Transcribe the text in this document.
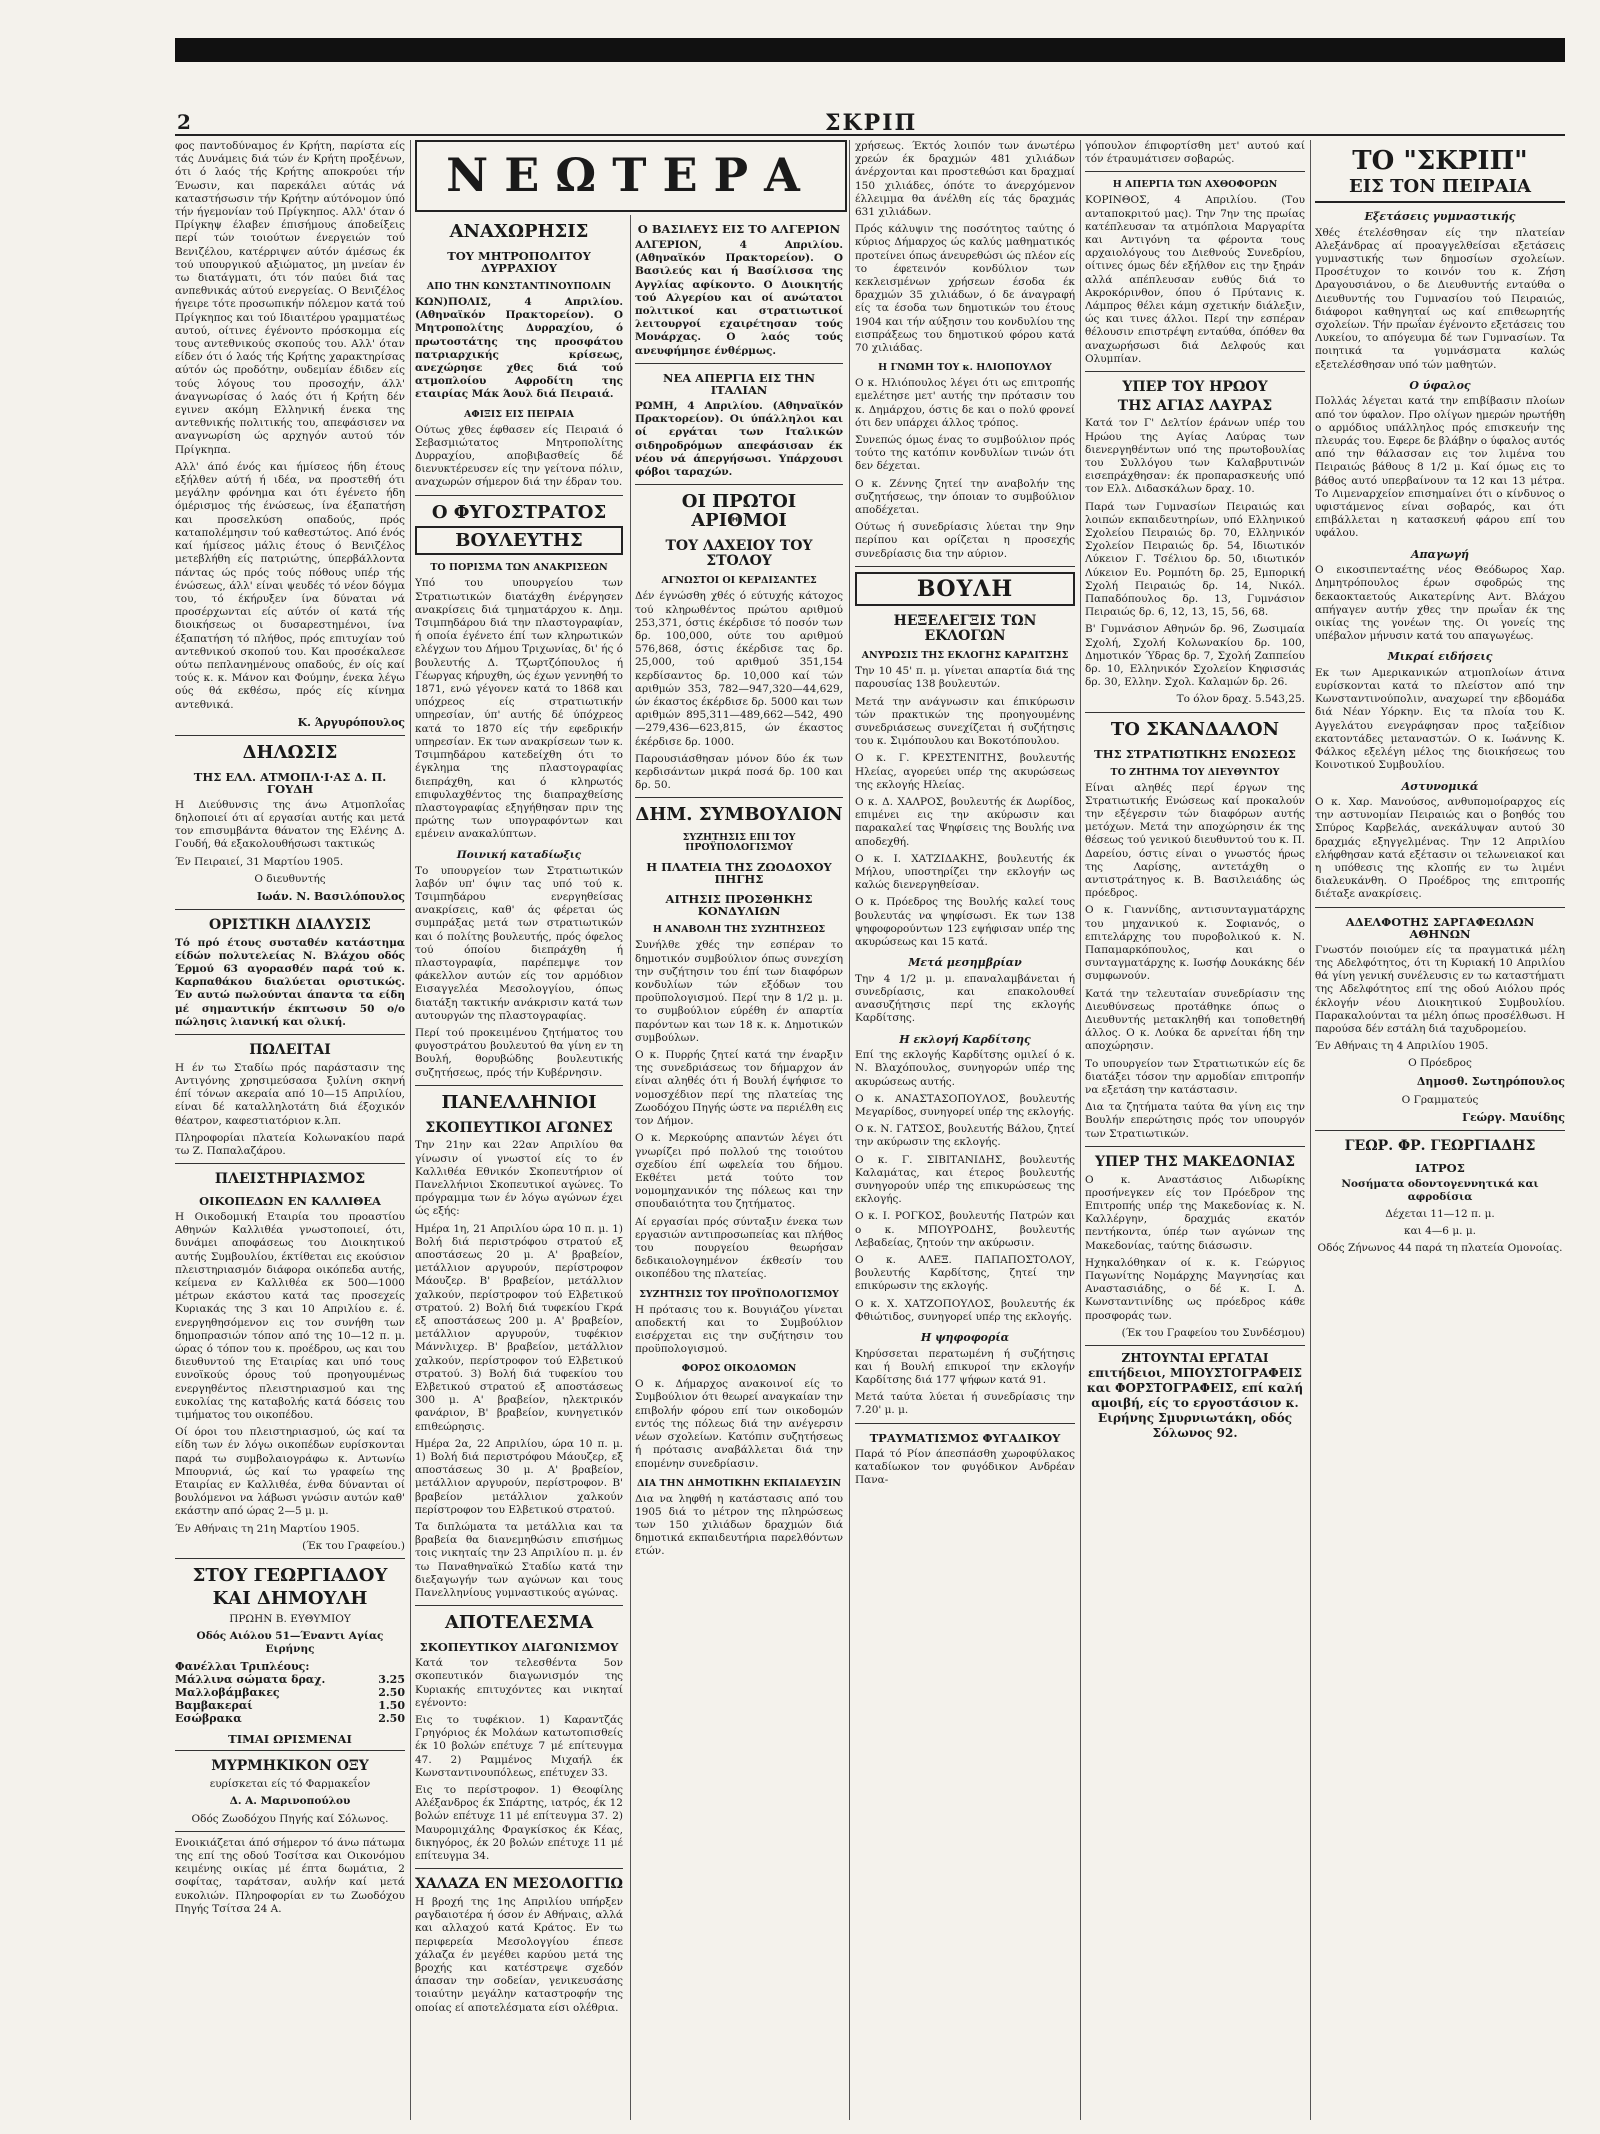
2	ΣΚΡΙΠ

φος παντοδύναμος έν Κρήτη, παρίστα είς τάς Δυνάμεις διά τών έν Κρήτη προξένων, ότι ό λαός τής Κρήτης αποκρούει τήν Ένωσιν, και παρεκάλει αύτάς νά καταστήσωσιν τήν Κρήτην αύτόνομον ύπό τήν ήγεμονίαν τού Πρίγκηπος. Αλλ' όταν ό Πρίγκηψ έλαβεν έπισήμους άποδείξεις περί τών τοιούτων ένεργειών τού Βενιζέλου, κατέρριψεν αύτόν άμέσως έκ τού υπουργικού αξιώματος, μη μνείαν έν τω διατάγματι, ότι τόν παύει διά τας ανπεθνικάς αύτού ενεργείας. Ο Βενιζέλος ήγειρε τότε προσωπικήν πόλεμον κατά τού Πρίγκηπος και τού Ιδιαιτέρου γραμματέως αυτού, οίτινες έγένοντο πρόσκομμα είς τους αντεθνικούς σκοπούς του. Αλλ' όταν είδεν ότι ό λαός τής Κρήτης χαρακτηρίσας αύτόν ώς προδότην, ουδεμίαν έδιδεν είς τούς λόγους του προσοχήν, άλλ' άναγνωρίσας ό λαός ότι ή Κρήτη δέν εγινεν ακόμη Ελληνική ένεκα της αντεθνικής πολιτικής του, απεφάσισεν να αναγνωρίση ώς αρχηγόν αυτού τόν Πρίγκηπα.

Αλλ' άπό ένός και ήμίσεος ήδη έτους εξήλθεν αύτή ή ιδέα, να προστεθή ότι μεγάλην φρόνημα και ότι έγένετο ήδη όμέρισμος τής ένώσεως, ίνα έξαπατήση και προσελκύση οπαδούς, πρός καταπολέμησιν τού καθεστώτος. Από ένός καί ήμίσεος μάλις έτους ό Βενιζέλος μετεβλήθη είς πατριώτης, ύπερβάλλοντα πάντας ώς πρός τούς πόθους υπέρ τής ένώσεως, άλλ' είναι ψευδές τό νέον δόγμα του, τό έκήρυξεν ίνα δύναται νά προσέρχωνται είς αύτόν οί κατά τής διοικήσεως οι δυσαρεστημένοι, ίνα έξαπατήση τό πλήθος, πρός επιτυχίαν τού αντεθνικού σκοπού του. Και προσέκαλεσε ούτω πεπλανημένους οπαδούς, έν οίς καί τούς κ. κ. Μάνον και Φούμην, ένεκα λέγω ούς θά εκθέσω, πρός είς κίνημα αντεθνικά.

Κ. Άργυρόπουλος
ΔΗΛΩΣΙΣ
ΤΗΣ ΕΛΛ. ΑΤΜΟΠΛ·Ι·ΑΣ Δ. Π. ΓΟΥΔΗ

Η Διεύθυνσις της άνω Ατμοπλοΐας δηλοποιεί ότι αί εργασίαι αυτής και μετά τον επισυμβάντα θάνατον της Ελένης Δ. Γουδή, θά εξακολουθήσωσι τακτικώς

Έν Πειραιεί, 31 Μαρτίου 1905.

Ο διευθυντής

Ιωάν. Ν. Βασιλόπουλος
ΟΡΙΣΤΙΚΗ ΔΙΑΛΥΣΙΣ

Τό πρό έτους συσταθέν κατάστημα είδών πολυτελείας Ν. Βλάχου οδός Έρμού 63 αγορασθέν παρά τού κ. Καρπαθάκου διαλύεται οριστικώς. Έν αυτώ πωλούνται άπαντα τα είδη μέ σημαντικήν έκπτωσιν 50 ο/ο πώλησις λιανική και ολική.

ΠΩΛΕΙΤΑΙ

Η έν τω Σταδίω πρός παράστασιν της Αντιγόνης χρησιμεύσασα ξυλίνη σκηνή έπί τόνων ακεραία από 10—15 Απριλίου, είναι δέ καταλληλοτάτη διά έξοχικόν θέατρον, καφεστιατόριον κ.λπ.

Πληροφορίαι πλατεία Κολωνακίου παρά τω Ζ. Παπαλαζάρου.

ΠΛΕΙΣΤΗΡΙΑΣΜΟΣ
ΟΙΚΟΠΕΔΩΝ ΕΝ ΚΑΛΛΙΘΕΑ

Η Οικοδομική Εταιρία του προαστίου Αθηνών Καλλιθέα γνωστοποιεί, ότι, δυνάμει αποφάσεως του Διοικητικού αυτής Συμβουλίου, έκτίθεται εις εκούσιον πλειστηριασμόν διάφορα οικόπεδα αυτής, κείμενα εν Καλλιθέα εκ 500—1000 μέτρων εκάστου κατά τας προσεχείς Κυριακάς της 3 και 10 Απριλίου ε. έ. ενεργηθησόμενον εις τον συνήθη των δημοπρασιών τόπον από της 10—12 π. μ. ώρας ό τόπον του κ. προέδρου, ως και του διευθυντού της Εταιρίας και υπό τους ευνοϊκούς όρους τού προηγουμένως ενεργηθέντος πλειστηριασμού και της ευκολίας της καταβολής κατά δόσεις του τιμήματος του οικοπέδου.

Οί όροι του πλειστηριασμού, ώς καί τα είδη των έν λόγω οικοπέδων ευρίσκονται παρά τω συμβολαιογράφω κ. Αντωνίω Μπουρνιά, ώς καί τω γραφείω της Εταιρίας εν Καλλιθέα, ένθα δύνανται οί βουλόμενοι να λάβωσι γνώσιν αυτών καθ' εκάστην από ώρας 2—5 μ. μ.

Έν Αθήναις τη 21η Μαρτίου 1905.

(Έκ του Γραφείου.)

ΣΤΟΥ ΓΕΩΡΓΙΑΔΟΥ
ΚΑΙ ΔΗΜΟΥΛΗ

ΠΡΩΗΝ Β. ΕΥΘΥΜΙΟΥ

Οδός Αιόλου 51—Έναντι Αγίας Ειρήνης

Φανέλλαι Τριπλέους:
Μάλλινα σώματα δραχ.	3.25
Μαλλοβάμβακες	2.50
Βαμβακεραί	1.50
Εσώβρακα	2.50
ΤΙΜΑΙ ΩΡΙΣΜΕΝΑΙ
ΜΥΡΜΗΚΙΚΟΝ ΟΞΥ

ευρίσκεται είς τό Φαρμακεΐον

Δ. Α. Μαρινοπούλου

Οδός Ζωοδόχου Πηγής καί Σόλωνος.

Ενοικιάζεται άπό σήμερον τό άνω πάτωμα της επί της οδού Τοσίτσα και Οικονόμου κειμένης οικίας μέ έπτα δωμάτια, 2 σοφίτας, ταράτσαν, αυλήν καί μετά ευκολιών. Πληροφορίαι εν τω Ζωοδόχου Πηγής Τσίτσα 24 Α.

ΝΕΩΤΕΡΑ
ΑΝΑΧΩΡΗΣΙΣ
ΤΟΥ ΜΗΤΡΟΠΟΛΙΤΟΥ ΔΥΡΡΑΧΙΟΥ
ΑΠΟ ΤΗΝ ΚΩΝΣΤΑΝΤΙΝΟΥΠΟΛΙΝ

ΚΩΝ)ΠΟΛΙΣ, 4 Απριλίου. (Αθηναϊκόν Πρακτορείον). Ο Μητροπολίτης Δυρραχίου, ό πρωτοστάτης της προσφάτου πατριαρχικής κρίσεως, ανεχώρησε χθες διά τού ατμοπλοίου Αφροδίτη της εταιρίας Μάκ Άουλ διά Πειραιά.

ΑΦΙΞΙΣ ΕΙΣ ΠΕΙΡΑΙΑ

Ούτως χθες έφθασεν είς Πειραιά ό Σεβασμιώτατος Μητροπολίτης Δυρραχίου, αποβιβασθείς δέ διενυκτέρευσεν είς την γείτονα πόλιν, αναχωρών σήμερον διά την έδραν του.

Ο ΦΥΓΟΣΤΡΑΤΟΣ
ΒΟΥΛΕΥΤΗΣ
ΤΟ ΠΟΡΙΣΜΑ ΤΩΝ ΑΝΑΚΡΙΣΕΩΝ

Υπό του υπουργείου των Στρατιωτικών διατάχθη ένέργησεν ανακρίσεις διά τμηματάρχου κ. Δημ. Τσιμπηδάρου διά την πλαστογραφίαν, ή οποία έγένετο έπί των κληρωτικών ελέγχων του Δήμου Τριχωνίας, δι' ής ό βουλευτής Δ. Τζωρτζόπουλος ή Γέωργας κήρυχθη, ώς έχων γεννηθή το 1871, ενώ γέγονεν κατά το 1868 και υπόχρεος είς στρατιωτικήν υπηρεσίαν, ύπ' αυτής δέ ύπόχρεος κατά το 1870 είς τήν εφεδρικήν υπηρεσίαν. Εκ των ανακρίσεων των κ. Τσιμπηδάρου κατεδείχθη ότι το έγκλημα της πλαστογραφίας διεπράχθη, και ό κληρωτός επιφυλαχθέντος της διαπραχθείσης πλαστογραφίας εξηγήθησαν πριν της πρώτης των υπογραφόντων και εμένειν ανακαλύπτων.

Ποινική καταδίωξις

Το υπουργείον των Στρατιωτικών λαβόν υπ' όψιν τας υπό τού κ. Τσιμπηδάρου ενεργηθείσας ανακρίσεις, καθ' άς φέρεται ώς συμπράξας μετά των στρατιωτικών και ό πολίτης βουλευτής, πρός όφελος τού όποίου διεπράχθη ή πλαστογραφία, παρέπεμψε τον φάκελλον αυτών είς τον αρμόδιον Εισαγγελέα Μεσολογγίου, όπως διατάξη τακτικήν ανάκρισιν κατά των αυτουργών της πλαστογραφίας.

Περί τού προκειμένου ζητήματος του φυγοστράτου βουλευτού θα γίνη εν τη Βουλή, θορυβώδης βουλευτικής συζητήσεως, πρός τήν Κυβέρνησιν.

ΠΑΝΕΛΛΗΝΙΟΙ
ΣΚΟΠΕΥΤΙΚΟΙ ΑΓΩΝΕΣ

Την 21ην και 22αν Απριλίου θα γίνωσιν οί γνωστοί είς το έν Καλλιθέα Εθνικόν Σκοπευτήριον οί Πανελλήνιοι Σκοπευτικοί αγώνες. Το πρόγραμμα των έν λόγω αγώνων έχει ώς εξής:

Ημέρα 1η, 21 Απριλίου ώρα 10 π. μ. 1) Βολή διά περιστρόφου στρατού εξ αποστάσεως 20 μ. Α' βραβείον, μετάλλιον αργυρούν, περίστροφον Μάουζερ. Β' βραβείον, μετάλλιον χαλκούν, περίστροφον τού Ελβετικού στρατού. 2) Βολή διά τυφεκίου Γκρά εξ αποστάσεως 200 μ. Α' βραβείον, μετάλλιον αργυρούν, τυφέκιον Μάννλιχερ. Β' βραβείον, μετάλλιον χαλκούν, περίστροφον τού Ελβετικού στρατού. 3) Βολή διά τυφεκίου του Ελβετικού στρατού εξ αποστάσεως 300 μ. Α' βραβείον, ηλεκτρικόν φανάριον, Β' βραβείον, κυνηγετικόν επιθεώρησις.

Ημέρα 2α, 22 Απριλίου, ώρα 10 π. μ. 1) Βολή διά περιστρόφου Μάουζερ, εξ αποστάσεως 30 μ. Α' βραβείον, μετάλλιον αργυρούν, περίστροφον. Β' βραβείον μετάλλιον χαλκούν περίστροφον του Ελβετικού στρατού.

Τα διπλώματα τα μετάλλια και τα βραβεία θα διανεμηθώσιν επισήμως τοις νικηταίς την 23 Απριλίου π. μ. έν τω Παναθηναϊκώ Σταδίω κατά την διεξαγωγήν των αγώνων και τους Πανελληνίους γυμναστικούς αγώνας.

ΑΠΟΤΕΛΕΣΜΑ
ΣΚΟΠΕΥΤΙΚΟΥ ΔΙΑΓΩΝΙΣΜΟΥ

Κατά τον τελεσθέντα 5ον σκοπευτικόν διαγωνισμόν της Κυριακής επιτυχόντες και νικηταί εγένοντο:

Εις το τυφέκιον. 1) Καραντζάς Γρηγόριος έκ Μολάων κατωτοπισθείς έκ 10 βολών επέτυχε 7 μέ επίτευγμα 47. 2) Ραμμένος Μιχαήλ έκ Κωνσταντινουπόλεως, επέτυχεν 33.

Εις το περίστροφον. 1) Θεοφίλης Αλέξανδρος έκ Σπάρτης, ιατρός, έκ 12 βολών επέτυχε 11 μέ επίτευγμα 37. 2) Μαυρομιχάλης Φραγκίσκος έκ Κέας, δικηγόρος, έκ 20 βολών επέτυχε 11 μέ επίτευγμα 34.

ΧΑΛΑΖΑ ΕΝ ΜΕΣΟΛΟΓΓΙΩ

Η βροχή της 1ης Απριλίου υπήρξεν ραγδαιοτέρα ή όσον έν Αθήναις, αλλά και αλλαχού κατά Κράτος. Εν τω περιφερεία Μεσολογγίου έπεσε χάλαζα έν μεγέθει καρύου μετά της βροχής και κατέστρεψε σχεδόν άπασαν την σοδείαν, γενικευσάσης τοιαύτην μεγάλην καταστροφήν της οποίας εί αποτελέσματα είσι ολέθρια.

Ο ΒΑΣΙΛΕΥΣ ΕΙΣ ΤΟ ΑΛΓΕΡΙΟΝ

ΑΛΓΕΡΙΟΝ, 4 Απριλίου. (Αθηναϊκόν Πρακτορείον). Ο Βασιλεύς και ή Βασίλισσα της Αγγλίας αφίκοντο. Ο Διοικητής τού Αλγερίου και οί ανώτατοι πολιτικοί και στρατιωτικοί λειτουργοί εχαιρέτησαν τούς Μονάρχας. Ο λαός τούς ανευφήμησε ένθέρμως.

ΝΕΑ ΑΠΕΡΓΙΑ ΕΙΣ ΤΗΝ ΙΤΑΛΙΑΝ

ΡΩΜΗ, 4 Απριλίου. (Αθηναϊκόν Πρακτορείον). Οι ύπάλληλοι και οί εργάται των Ιταλικών σιδηροδρόμων απεφάσισαν έκ νέου νά άπεργήσωσι. Υπάρχουσι φόβοι ταραχών.

ΟΙ ΠΡΩΤΟΙ ΑΡΙΘΜΟΙ
ΤΟΥ ΛΑΧΕΙΟΥ ΤΟΥ ΣΤΟΛΟΥ
ΑΓΝΩΣΤΟΙ ΟΙ ΚΕΡΔΙΣΑΝΤΕΣ

Δέν έγνώσθη χθές ό εύτυχής κάτοχος τού κληρωθέντος πρώτου αριθμού 253,371, όστις έκέρδισε τό ποσόν των δρ. 100,000, ούτε του αριθμού 576,868, όστις έκέρδισε τας δρ. 25,000, τού αριθμού 351,154 κερδίσαντος δρ. 10,000 καί τών αριθμών 353, 782—947,320—44,629, ών έκαστος έκέρδισε δρ. 5000 και των αριθμών 895,311—489,662—542, 490—279,436—623,815, ών έκαστος έκέρδισε δρ. 1000.

Παρουσιάσθησαν μόνον δύο έκ των κερδισάντων μικρά ποσά δρ. 100 και δρ. 50.

ΔΗΜ. ΣΥΜΒΟΥΛΙΟΝ
ΣΥΖΗΤΗΣΙΣ ΕΠΙ ΤΟΥ ΠΡΟΫΠΟΛΟΓΙΣΜΟΥ
Η ΠΛΑΤΕΙΑ ΤΗΣ ΖΩΟΔΟΧΟΥ ΠΗΓΗΣ
ΑΙΤΗΣΙΣ ΠΡΟΣΘΗΚΗΣ ΚΟΝΔΥΛΙΩΝ
Η ΑΝΑΒΟΛΗ ΤΗΣ ΣΥΖΗΤΗΣΕΩΣ

Συνήλθε χθές την εσπέραν το δημοτικόν συμβούλιον όπως συνεχίση την συζήτησιν του έπί των διαφόρων κονδυλίων τών εξόδων του προϋπολογισμού. Περί την 8 1/2 μ. μ. το συμβούλιον εύρέθη έν απαρτία παρόντων και των 18 κ. κ. Δημοτικών συμβούλων.

Ο κ. Πυρρής ζητεί κατά την έναρξιν της συνεδριάσεως τον δήμαρχον άν είναι αληθές ότι ή Βουλή έψήφισε το νομοσχέδιον περί της πλατείας της Ζωοδόχου Πηγής ώστε να περιέλθη εις τον Δήμον.

Ο κ. Μερκούρης απαντών λέγει ότι γνωρίζει πρό πολλού της τοιούτου σχεδίου έπί ωφελεία του δήμου. Εκθέτει μετά τούτο τον νομομηχανικόν της πόλεως και την σπουδαιότητα του ζητήματος.

Αί εργασίαι πρός σύνταξιν ένεκα των εργασιών αντιπροσωπείας και πλήθος του πουργείου θεωρήσαν δεδικαιολογημένον έκθεσίν του οικοπέδου της πλατείας.

ΣΥΖΗΤΗΣΙΣ ΤΟΥ ΠΡΟΫΠΟΛΟΓΙΣΜΟΥ

Η πρότασις του κ. Βουγιάζου γίνεται αποδεκτή και το Συμβούλιον εισέρχεται εις την συζήτησιν του προϋπολογισμού.

ΦΟΡΟΣ ΟΙΚΟΔΟΜΩΝ

Ο κ. Δήμαρχος ανακοινοί είς το Συμβούλιον ότι θεωρεί αναγκαίαν την επιβολήν φόρου επί των οικοδομών εντός της πόλεως διά την ανέγερσιν νέων σχολείων. Κατόπιν συζητήσεως ή πρότασις αναβάλλεται διά την επομένην συνεδρίασιν.

ΔΙΑ ΤΗΝ ΔΗΜΟΤΙΚΗΝ ΕΚΠΑΙΔΕΥΣΙΝ

Δια να ληφθή η κατάστασις από του 1905 διά το μέτρον της πληρώσεως των 150 χιλιάδων δραχμών διά δημοτικά εκπαιδευτήρια παρελθόντων ετών.

χρήσεως. Έκτός λοιπόν των άνωτέρω χρεών έκ δραχμών 481 χιλιάδων άνέρχονται και προστεθώσι και δραχμαί 150 χιλιάδες, όπότε το άνερχόμενον έλλειμμα θα άνέλθη είς τάς δραχμάς 631 χιλιάδων.

Πρός κάλυψιν της ποσότητος ταύτης ό κύριος Δήμαρχος ώς καλύς μαθηματικός προτείνει όπως άνευρεθώσι ώς πλέον είς το έφετεινόν κονδύλιον των κεκλεισμένων χρήσεων έσοδα έκ δραχμών 35 χιλιάδων, ό δε άναγραφή είς τα έσοδα των δημοτικών του έτους 1904 και τήν αύξησιν του κονδυλίου της εισπράξεως του δημοτικού φόρου κατά 70 χιλιάδας.

Η ΓΝΩΜΗ ΤΟΥ κ. ΗΛΙΟΠΟΥΛΟΥ

Ο κ. Ηλιόπουλος λέγει ότι ως επιτροπής εμελέτησε μετ' αυτής την πρότασιν του κ. Δημάρχου, όστις δε και ο πολύ φρονεί ότι δεν υπάρχει άλλος τρόπος.

Συνεπώς όμως ένας το συμβούλιον πρός τούτο της κατόπιν κονδυλίων τινών ότι δεν δέχεται.

Ο κ. Ζέννης ζητεί την αναβολήν της συζητήσεως, την όποιαν το συμβούλιον αποδέχεται.

Ούτως ή συνεδρίασις λύεται την 9ην περίπου και ορίζεται η προσεχής συνεδρίασις δια την αύριον.

ΒΟΥΛΗ
ΗΕΞΕΛΕΓΞΙΣ ΤΩΝ ΕΚΛΟΓΩΝ
ΑΝΥΡΩΣΙΣ ΤΗΣ ΕΚΛΟΓΗΣ ΚΑΡΔΙΤΣΗΣ

Την 10 45' π. μ. γίνεται απαρτία διά της παρουσίας 138 βουλευτών.

Μετά την ανάγνωσιν και έπικύρωσιν τών πρακτικών της προηγουμένης συνεδριάσεως συνεχίζεται ή συζήτησις του κ. Σιμόπουλου και Βοκοτόπουλου.

Ο κ. Γ. ΚΡΕΣΤΕΝΙΤΗΣ, βουλευτής Ηλείας, αγορεύει υπέρ της ακυρώσεως της εκλογής Ηλείας.

Ο κ. Δ. ΧΑΛΡΟΣ, βουλευτής έκ Δωρίδος, επιμένει εις την ακύρωσιν και παρακαλεί τας Ψηφίσεις της Βουλής ινα αποδεχθή.

Ο κ. Ι. ΧΑΤΖΙΔΑΚΗΣ, βουλευτής έκ Μήλου, υποστηρίζει την εκλογήν ως καλώς διενεργηθείσαν.

Ο κ. Πρόεδρος της Βουλής καλεί τους βουλευτάς να ψηφίσωσι. Εκ των 138 ψηφοφορούντων 123 εψήφισαν υπέρ της ακυρώσεως και 15 κατά.

Μετά μεσημβρίαν

Την 4 1/2 μ. μ. επαναλαμβάνεται ή συνεδρίασις, και επακολουθεί ανασυζήτησις περί της εκλογής Καρδίτσης.

Η εκλογή Καρδίτσης

Επί της εκλογής Καρδίτσης ομιλεί ό κ. Ν. Βλαχόπουλος, συνηγορών υπέρ της ακυρώσεως αυτής.

Ο κ. ΑΝΑΣΤΑΣΟΠΟΥΛΟΣ, βουλευτής Μεγαρίδος, συνηγορεί υπέρ της εκλογής.

Ο κ. Ν. ΓΑΤΣΟΣ, βουλευτής Βάλου, ζητεί την ακύρωσιν της εκλογής.

Ο κ. Γ. ΣΙΒΙΤΑΝΙΔΗΣ, βουλευτής Καλαμάτας, και έτερος βουλευτής συνηγορούν υπέρ της επικυρώσεως της εκλογής.

Ο κ. Ι. ΡΟΓΚΟΣ, βουλευτής Πατρών και ο κ. ΜΠΟΥΡΟΔΗΣ, βουλευτής Λεβαδείας, ζητούν την ακύρωσιν.

Ο κ. ΑΛΕΞ. ΠΑΠΑΠΟΣΤΟΛΟΥ, βουλευτής Καρδίτσης, ζητεί την επικύρωσιν της εκλογής.

Ο κ. Χ. ΧΑΤΖΟΠΟΥΛΟΣ, βουλευτής έκ Φθιώτιδος, συνηγορεί υπέρ της εκλογής.

Η ψηφοφορία

Κηρύσσεται περατωμένη ή συζήτησις και ή Βουλή επικυροί την εκλογήν Καρδίτσης διά 177 ψήφων κατά 91.

Μετά ταύτα λύεται ή συνεδρίασις την 7.20' μ. μ.

ΤΡΑΥΜΑΤΙΣΜΟΣ ΦΥΓΑΔΙΚΟΥ

Παρά τό Ρίον άπεσπάσθη χωροφύλακος καταδίωκον τον φυγόδικον Ανδρέαν Πανα-

γόπουλον έπιφορτίσθη μετ' αυτού καί τόν έτραυμάτισεν σοβαρώς.

Η ΑΠΕΡΓΙΑ ΤΩΝ ΑΧΘΟΦΟΡΩΝ

ΚΟΡΙΝΘΟΣ, 4 Απριλίου. (Του ανταποκριτού μας). Την 7ην της πρωίας κατέπλευσαν τα ατμόπλοια Μαργαρίτα και Αντιγόνη τα φέροντα τους αρχαιολόγους του Διεθνούς Συνεδρίου, οίτινες όμως δέν εξήλθον εις την ξηράν αλλά απέπλευσαν ευθύς διά το Ακροκόρινθον, όπου ό Πρύτανις κ. Λάμπρος θέλει κάμη σχετικήν διάλεξιν, ώς και τινες άλλοι. Περί την εσπέραν θέλουσιν επιστρέψη ενταύθα, όπόθεν θα αναχωρήσωσι διά Δελφούς και Ολυμπίαν.

ΥΠΕΡ ΤΟΥ ΗΡΩΟΥ
ΤΗΣ ΑΓΙΑΣ ΛΑΥΡΑΣ

Κατά τον Γ' Δελτίον έράνων υπέρ του Ηρώου της Αγίας Λαύρας των διενεργηθέντων υπό της πρωτοβουλίας του Συλλόγου των Καλαβρυτινών εισεπράχθησαν: έκ προπαρασκευής υπό τον Ελλ. Διδασκάλων δραχ. 10.

Παρά των Γυμνασίων Πειραιώς και λοιπών εκπαιδευτηρίων, υπό Ελληνικού Σχολείου Πειραιώς δρ. 70, Ελληνικόν Σχολείον Πειραιώς δρ. 54, Ιδιωτικόν Λύκειον Γ. Τσέλιου δρ. 50, ιδιωτικόν Λύκειον Ευ. Ρομπότη δρ. 25, Εμπορική Σχολή Πειραιώς δρ. 14, Νικόλ. Παπαδόπουλος δρ. 13, Γυμνάσιον Πειραιώς δρ. 6, 12, 13, 15, 56, 68.

Β' Γυμνάσιον Αθηνών δρ. 96, Ζωσιμαία Σχολή, Σχολή Κολωνακίου δρ. 100, Δημοτικόν Ύδρας δρ. 7, Σχολή Ζαππείου δρ. 10, Ελληνικόν Σχολείον Κηφισσιάς δρ. 30, Ελλην. Σχολ. Καλαμών δρ. 26.

Το όλον δραχ. 5.543,25.

ΤΟ ΣΚΑΝΔΑΛΟΝ
ΤΗΣ ΣΤΡΑΤΙΩΤΙΚΗΣ ΕΝΩΣΕΩΣ
ΤΟ ΖΗΤΗΜΑ ΤΟΥ ΔΙΕΥΘΥΝΤΟΥ

Είναι αληθές περί έργων της Στρατιωτικής Ενώσεως καί προκαλούν την εξέγερσιν τών διαφόρων αυτής μετόχων. Μετά την αποχώρησιν έκ της θέσεως τού γενικού διευθυντού του κ. Π. Δαρείου, όστις είναι ο γνωστός ήρως της Λαρίσης, αντετάχθη ο αντιστράτηγος κ. Β. Βασιλειάδης ώς πρόεδρος.

Ο κ. Γιαννίδης, αντισυνταγματάρχης του μηχανικού κ. Σοφιανός, ο επιτελάρχης του πυροβολικού κ. Ν. Παπαμαρκόπουλος, και ο συνταγματάρχης κ. Ιωσήφ Δουκάκης δέν συμφωνούν.

Κατά την τελευταίαν συνεδρίασιν της Διευθύνσεως προτάθηκε όπως ο Διευθυντής μετακληθή και τοποθετηθή άλλος. Ο κ. Λούκα δε αρνείται ήδη την αποχώρησιν.

Το υπουργείον των Στρατιωτικών είς δε διατάξει τόσον την αρμοδίαν επιτροπήν να εξετάση την κατάστασιν.

Δια τα ζητήματα ταύτα θα γίνη εις την Βουλήν επερώτησις πρός τον υπουργόν των Στρατιωτικών.

ΥΠΕΡ ΤΗΣ ΜΑΚΕΔΟΝΙΑΣ

Ο κ. Αναστάσιος Λιδωρίκης προσήνεγκεν είς τον Πρόεδρον της Επιτροπής υπέρ της Μακεδονίας κ. Ν. Καλλέργην, δραχμάς εκατόν πεντήκοντα, ύπέρ των αγώνων της Μακεδονίας, ταύτης διάσωσιν.

Ηχηκαλόθηκαν οί κ. κ. Γεώργιος Παγωνίτης Νομάρχης Μαγνησίας και Αναστασιάδης, ο δέ κ. Ι. Δ. Κωνσταντινίδης ως πρόεδρος κάθε προσφοράς των.

(Έκ του Γραφείου του Συνδέσμου)

ΖΗΤΟΥΝΤΑΙ ΕΡΓΑΤΑΙ επιτήδειοι, ΜΠΟΥΣΤΟΓΡΑΦΕΙΣ και ΦΟΡΣΤΟΓΡΑΦΕΙΣ, επί καλή αμοιβή, είς το εργοστάσιον κ. Ειρήνης Σμυρνιωτάκη, οδός Σόλωνος 92.

ΤΟ "ΣΚΡΙΠ"
ΕΙΣ ΤΟΝ ΠΕΙΡΑΙΑ
Εξετάσεις γυμναστικής

Χθές έτελέσθησαν είς την πλατείαν Αλεξάνδρας αί προαγγελθείσαι εξετάσεις γυμναστικής των δημοσίων σχολείων. Προσέτυχον το κοινόν του κ. Ζήση Δραγουσιάνου, ο δε Διευθυντής ενταύθα ο Διευθυντής του Γυμνασίου τού Πειραιώς, διάφοροι καθηγηταί ως καί επιθεωρητής σχολείων. Τήν πρωΐαν έγένοντο εξετάσεις του Λυκείου, το απόγευμα δέ των Γυμνασίων. Τα ποιητικά τα γυμνάσματα καλώς εξετελέσθησαν υπό τών μαθητών.

Ο ύφαλος

Πολλάς λέγεται κατά την επιβίβασιν πλοίων από τον ύφαλον. Προ ολίγων ημερών ηρωτήθη ο αρμόδιος υπάλληλος πρός επισκευήν της πλευράς του. Εφερε δε βλάβην ο ύφαλος αυτός από την θάλασσαν εις τον λιμένα του Πειραιώς βάθους 8 1/2 μ. Καί όμως εις το βάθος αυτό υπερβαίνουν τα 12 και 13 μέτρα. Το Λιμεναρχείον επισημαίνει ότι ο κίνδυνος ο υφιστάμενος είναι σοβαρός, και ότι επιβάλλεται η κατασκευή φάρου επί του υφάλου.

Απαγωγή

Ο εικοσιπενταέτης νέος Θεόδωρος Χαρ. Δημητρόπουλος έρων σφοδρώς της δεκαοκταετούς Αικατερίνης Αντ. Βλάχου απήγαγεν αυτήν χθες την πρωΐαν έκ της οικίας της γονέων της. Οι γονείς της υπέβαλον μήνυσιν κατά του απαγωγέως.

Μικραί ειδήσεις

Εκ των Αμερικανικών ατμοπλοίων άτινα ευρίσκονται κατά το πλείστον από την Κωνσταντινούπολιν, αναχωρεί την εβδομάδα διά Νέαν Υόρκην. Εις τα πλοία του Κ. Αγγελάτου ενεγράφησαν προς ταξείδιον εκατοντάδες μεταναστών. Ο κ. Ιωάννης Κ. Φάλκος εξελέγη μέλος της διοικήσεως του Κοινοτικού Συμβουλίου.

Αστυνομικά

Ο κ. Χαρ. Μανούσος, ανθυπομοίραρχος είς την αστυνομίαν Πειραιώς και ο βοηθός του Σπύρος Καρβελάς, ανεκάλυψαν αυτού 30 δραχμάς εξηγγελμένας. Την 12 Απριλίου ελήφθησαν κατά εξέτασιν οι τελωνειακοί και η υπόθεσις της κλοπής εν τω λιμένι διαλευκάνθη. Ο Προέδρος της επιτροπής διέταξε ανακρίσεις.

ΑΔΕΛΦΟΤΗΣ ΣΑΡΓΑΦΕΩΛΩΝ ΑΘΗΝΩΝ

Γνωστόν ποιούμεν είς τα πραγματικά μέλη της Αδελφότητος, ότι τη Κυριακή 10 Απριλίου θά γίνη γενική συνέλευσις εν τω καταστήματι της Αδελφότητος επί της οδού Αιόλου πρός έκλογήν νέου Διοικητικού Συμβουλίου. Παρακαλούνται τα μέλη όπως προσέλθωσι. Η παρούσα δέν εστάλη διά ταχυδρομείου.

Έν Αθήναις τη 4 Απριλίου 1905.

Ο Πρόεδρος

Δημοσθ. Σωτηρόπουλος

Ο Γραμματεύς

Γεώργ. Μαυίδης
ΓΕΩΡ. ΦΡ. ΓΕΩΡΓΙΑΔΗΣ
ΙΑΤΡΟΣ

Νοσήματα οδοντογεννητικά και αφροδίσια

Δέχεται 11—12 π. μ.

και 4—6 μ. μ.

Οδός Ζήνωνος 44 παρά τη πλατεία Ομονοίας.
